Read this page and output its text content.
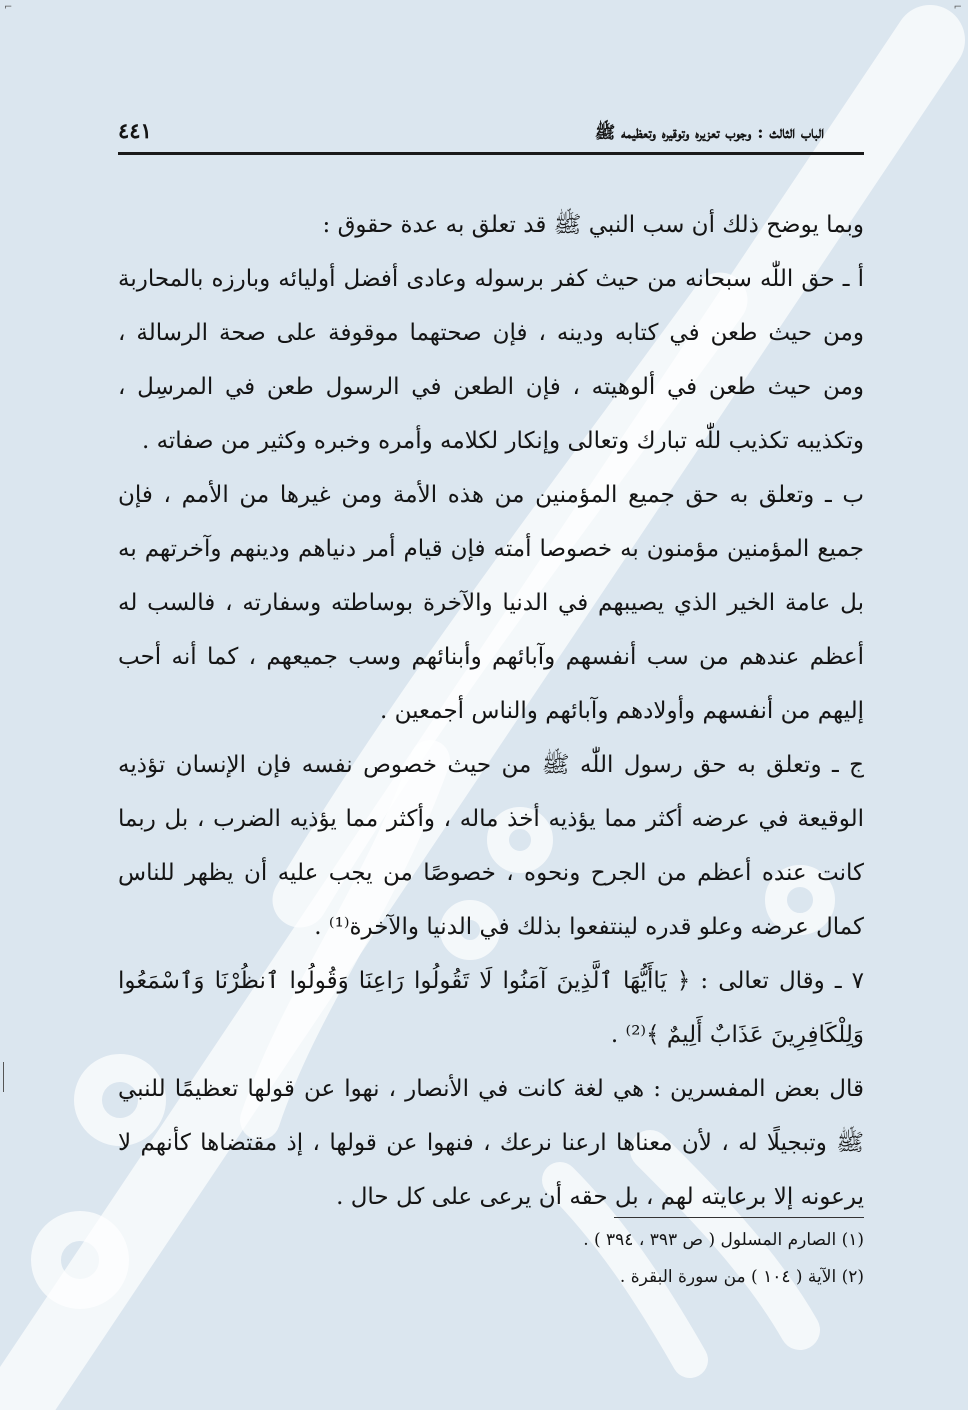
⌐	⌐
الباب الثالث : وجوب تعزيره وتوقيره وتعظيمه ﷺ
٤٤١

وبما يوضح ذلك أن سب النبي ﷺ قد تعلق به عدة حقوق :

أ ـ حق اللّٰه سبحانه من حيث كفر برسوله وعادى أفضل أوليائه وبارزه بالمحاربة ومن حيث طعن في كتابه ودينه ، فإن صحتهما موقوفة على صحة الرسالة ، ومن حيث طعن في ألوهيته ، فإن الطعن في الرسول طعن في المرسِل ، وتكذيبه تكذيب للّٰه تبارك وتعالى وإنكار لكلامه وأمره وخبره وكثير من صفاته .

ب ـ وتعلق به حق جميع المؤمنين من هذه الأمة ومن غيرها من الأمم ، فإن جميع المؤمنين مؤمنون به خصوصا أمته فإن قيام أمر دنياهم ودينهم وآخرتهم به بل عامة الخير الذي يصيبهم في الدنيا والآخرة بوساطته وسفارته ، فالسب له أعظم عندهم من سب أنفسهم وآبائهم وأبنائهم وسب جميعهم ، كما أنه أحب إليهم من أنفسهم وأولادهم وآبائهم والناس أجمعين .

ج ـ وتعلق به حق رسول اللّٰه ﷺ من حيث خصوص نفسه فإن الإنسان تؤذيه الوقيعة في عرضه أكثر مما يؤذيه أخذ ماله ، وأكثر مما يؤذيه الضرب ، بل ربما كانت عنده أعظم من الجرح ونحوه ، خصوصًا من يجب عليه أن يظهر للناس كمال عرضه وعلو قدره لينتفعوا بذلك في الدنيا والآخرة⁽¹⁾ .

٧ ـ وقال تعالى : ﴿ يَاأَيُّهَا ٱلَّذِينَ آمَنُوا لَا تَقُولُوا رَاعِنَا وَقُولُوا ٱنظُرْنَا وَٱسْمَعُوا وَلِلْكَافِرِينَ عَذَابٌ أَلِيمٌ ﴾⁽²⁾ .

قال بعض المفسرين : هي لغة كانت في الأنصار ، نهوا عن قولها تعظيمًا للنبي ﷺ وتبجيلًا له ، لأن معناها ارعنا نرعك ، فنهوا عن قولها ، إذ مقتضاها كأنهم لا يرعونه إلا برعايته لهم ، بل حقه أن يرعى على كل حال .

(١) الصارم المسلول ( ص ٣٩٣ ، ٣٩٤ ) .

(٢) الآية ( ١٠٤ ) من سورة البقرة .
